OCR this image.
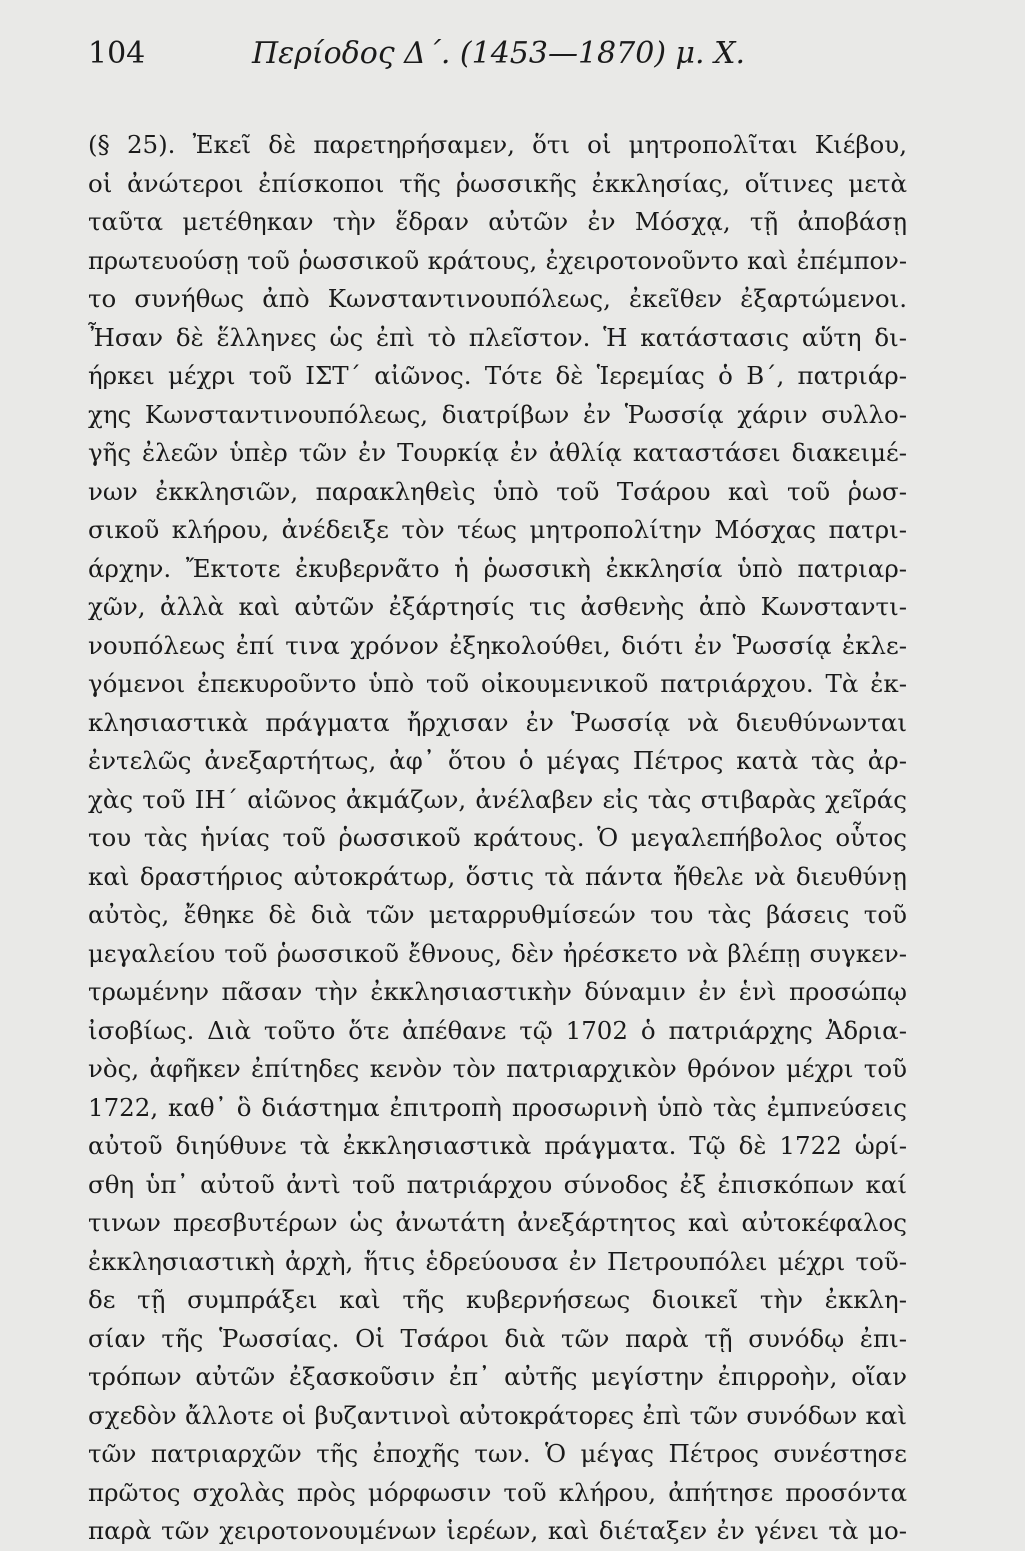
104	Περίοδος Δ΄. (1453—1870) μ. Χ.
(§ 25). Ἐκεῖ δὲ παρετηρήσαμεν, ὅτι οἱ μητροπολῖται Κιέβου,
οἱ ἀνώτεροι ἐπίσκοποι τῆς ῥωσσικῆς ἐκκλησίας, οἵτινες μετὰ
ταῦτα μετέθηκαν τὴν ἕδραν αὐτῶν ἐν Μόσχᾳ, τῇ ἀποβάσῃ
πρωτευούσῃ τοῦ ῥωσσικοῦ κράτους, ἐχειροτονοῦντο καὶ ἐπέμπον-
το συνήθως ἀπὸ Κωνσταντινουπόλεως, ἐκεῖθεν ἐξαρτώμενοι.
Ἦσαν δὲ ἕλληνες ὡς ἐπὶ τὸ πλεῖστον. Ἡ κατάστασις αὕτη δι-
ήρκει μέχρι τοῦ ΙΣΤ΄ αἰῶνος. Τότε δὲ Ἱερεμίας ὁ Β΄, πατριάρ-
χης Κωνσταντινουπόλεως, διατρίβων ἐν Ῥωσσίᾳ χάριν συλλο-
γῆς ἐλεῶν ὑπὲρ τῶν ἐν Τουρκίᾳ ἐν ἀθλίᾳ καταστάσει διακειμέ-
νων ἐκκλησιῶν, παρακληθεὶς ὑπὸ τοῦ Τσάρου καὶ τοῦ ῥωσ-
σικοῦ κλήρου, ἀνέδειξε τὸν τέως μητροπολίτην Μόσχας πατρι-
άρχην. Ἔκτοτε ἐκυβερνᾶτο ἡ ῥωσσικὴ ἐκκλησία ὑπὸ πατριαρ-
χῶν, ἀλλὰ καὶ αὐτῶν ἐξάρτησίς τις ἀσθενὴς ἀπὸ Κωνσταντι-
νουπόλεως ἐπί τινα χρόνον ἐξηκολούθει, διότι ἐν Ῥωσσίᾳ ἐκλε-
γόμενοι ἐπεκυροῦντο ὑπὸ τοῦ οἰκουμενικοῦ πατριάρχου. Τὰ ἐκ-
κλησιαστικὰ πράγματα ἤρχισαν ἐν Ῥωσσίᾳ νὰ διευθύνωνται
ἐντελῶς ἀνεξαρτήτως, ἀφ᾽ ὅτου ὁ μέγας Πέτρος κατὰ τὰς ἀρ-
χὰς τοῦ ΙΗ΄ αἰῶνος ἀκμάζων, ἀνέλαβεν εἰς τὰς στιβαρὰς χεῖράς
του τὰς ἡνίας τοῦ ῥωσσικοῦ κράτους. Ὁ μεγαλεπήβολος οὗτος
καὶ δραστήριος αὐτοκράτωρ, ὅστις τὰ πάντα ἤθελε νὰ διευθύνῃ
αὐτὸς, ἔθηκε δὲ διὰ τῶν μεταρρυθμίσεών του τὰς βάσεις τοῦ
μεγαλείου τοῦ ῥωσσικοῦ ἔθνους, δὲν ἠρέσκετο νὰ βλέπῃ συγκεν-
τρωμένην πᾶσαν τὴν ἐκκλησιαστικὴν δύναμιν ἐν ἑνὶ προσώπῳ
ἰσοβίως. Διὰ τοῦτο ὅτε ἀπέθανε τῷ 1702 ὁ πατριάρχης Ἀδρια-
νὸς, ἀφῆκεν ἐπίτηδες κενὸν τὸν πατριαρχικὸν θρόνον μέχρι τοῦ
1722, καθ᾽ ὃ διάστημα ἐπιτροπὴ προσωρινὴ ὑπὸ τὰς ἐμπνεύσεις
αὐτοῦ διηύθυνε τὰ ἐκκλησιαστικὰ πράγματα. Τῷ δὲ 1722 ὡρί-
σθη ὑπ᾽ αὐτοῦ ἀντὶ τοῦ πατριάρχου σύνοδος ἐξ ἐπισκόπων καί
τινων πρεσβυτέρων ὡς ἀνωτάτη ἀνεξάρτητος καὶ αὐτοκέφαλος
ἐκκλησιαστικὴ ἀρχὴ, ἥτις ἑδρεύουσα ἐν Πετρουπόλει μέχρι τοῦ-
δε τῇ συμπράξει καὶ τῆς κυβερνήσεως διοικεῖ τὴν ἐκκλη-
σίαν τῆς Ῥωσσίας. Οἱ Τσάροι διὰ τῶν παρὰ τῇ συνόδῳ ἐπι-
τρόπων αὐτῶν ἐξασκοῦσιν ἐπ᾽ αὐτῆς μεγίστην ἐπιρροὴν, οἵαν
σχεδὸν ἄλλοτε οἱ βυζαντινοὶ αὐτοκράτορες ἐπὶ τῶν συνόδων καὶ
τῶν πατριαρχῶν τῆς ἐποχῆς των. Ὁ μέγας Πέτρος συνέστησε
πρῶτος σχολὰς πρὸς μόρφωσιν τοῦ κλήρου, ἀπήτησε προσόντα
παρὰ τῶν χειροτονουμένων ἱερέων, καὶ διέταξεν ἐν γένει τὰ μο-
